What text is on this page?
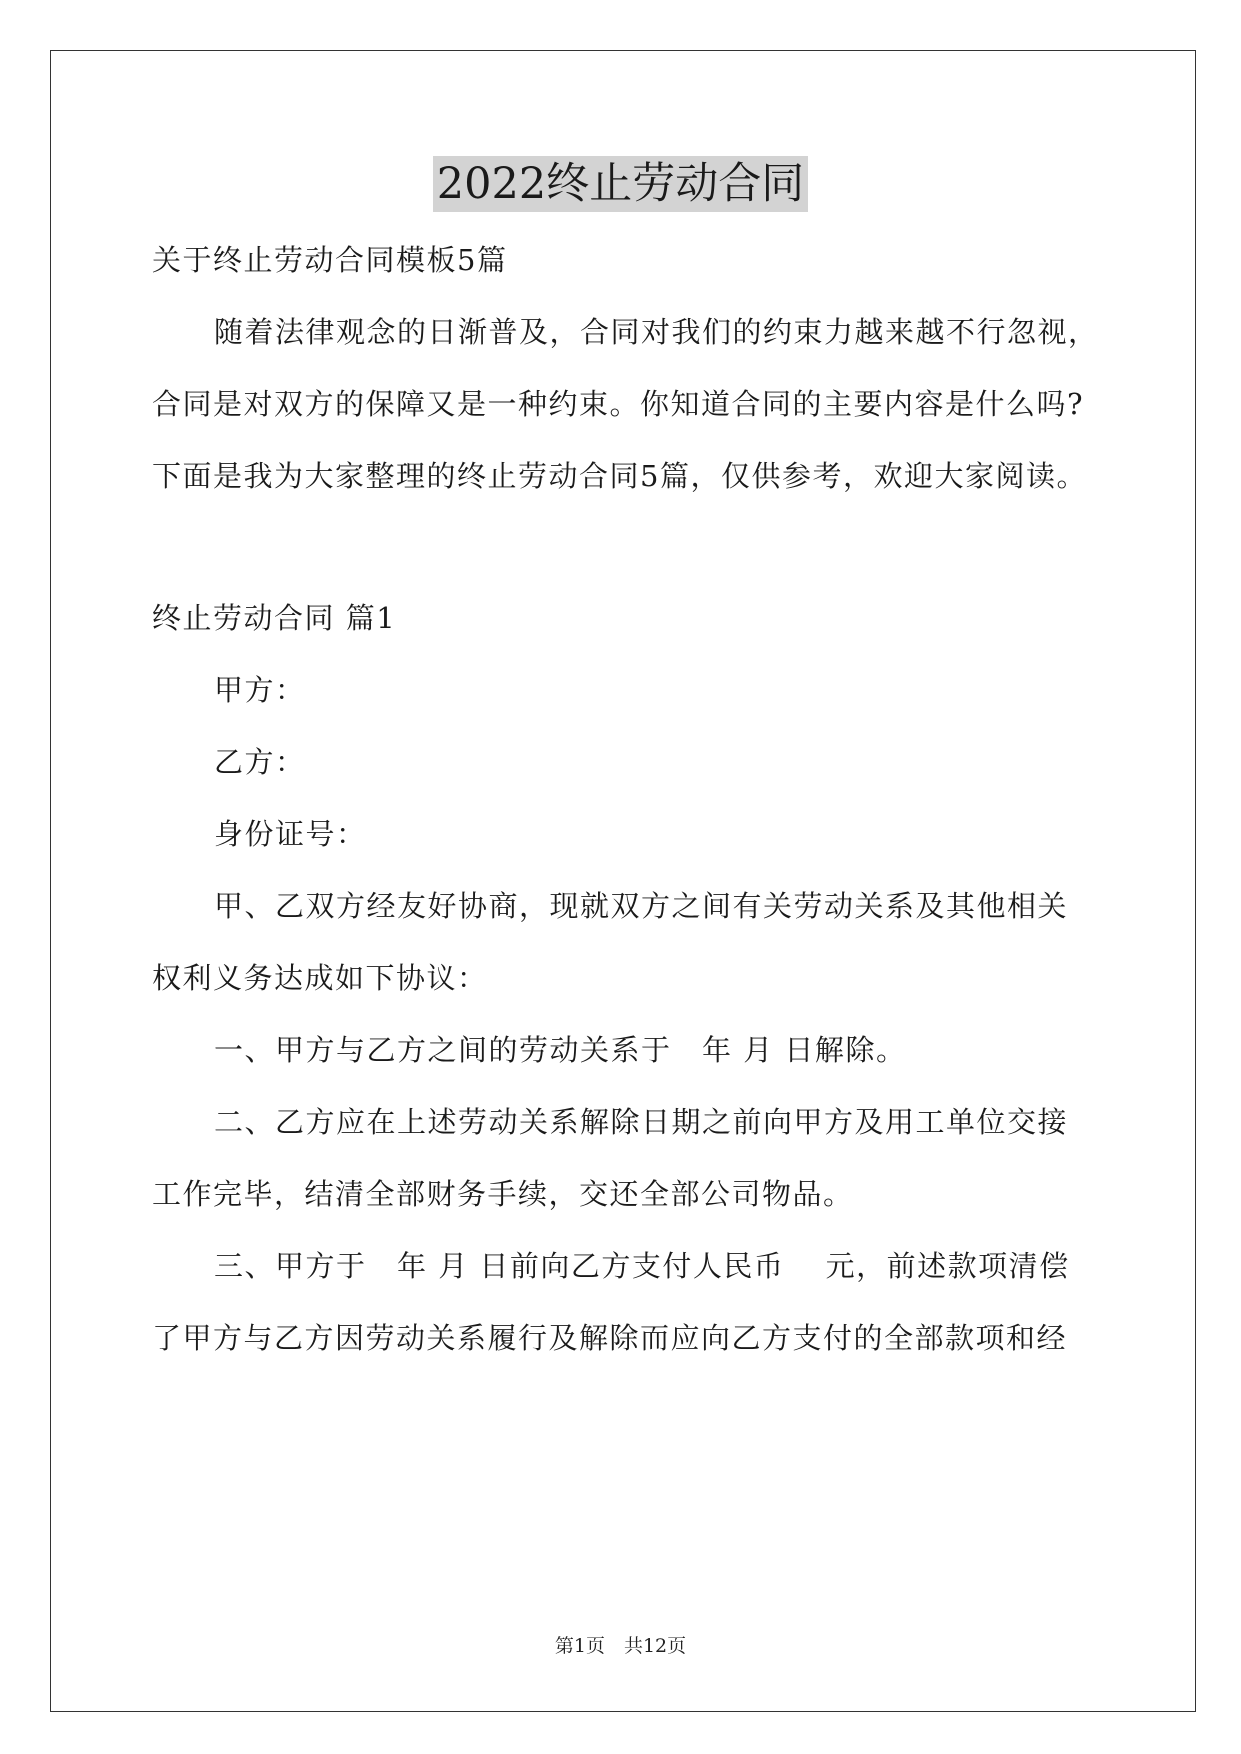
2022终止劳动合同
关于终止劳动合同模板5篇
随着法律观念的日渐普及，合同对我们的约束力越来越不行忽视，
合同是对双方的保障又是一种约束。你知道合同的主要内容是什么吗?
下面是我为大家整理的终止劳动合同5篇，仅供参考，欢迎大家阅读。
终止劳动合同 篇1
甲方：
乙方：
身份证号：
甲、乙双方经友好协商，现就双方之间有关劳动关系及其他相关
权利义务达成如下协议：
一、甲方与乙方之间的劳动关系于　年 月 日解除。
二、乙方应在上述劳动关系解除日期之前向甲方及用工单位交接
工作完毕，结清全部财务手续，交还全部公司物品。
三、甲方于　年 月 日前向乙方支付人民币　 元，前述款项清偿
了甲方与乙方因劳动关系履行及解除而应向乙方支付的全部款项和经
第1页　共12页
